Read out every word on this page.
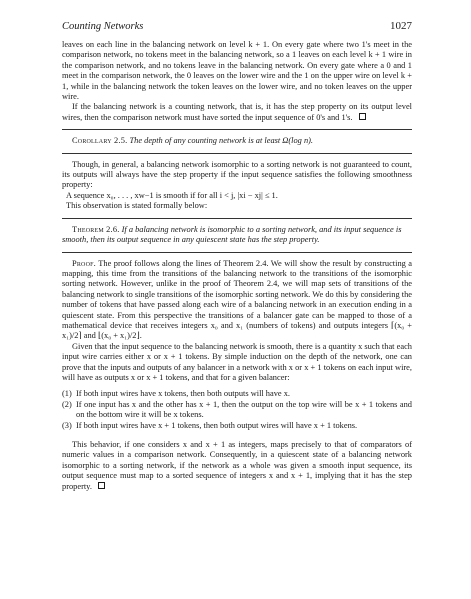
Counting Networks	1027

leaves on each line in the balancing network on level k + 1. On every gate where two 1's meet in the comparison network, no tokens meet in the balancing network, so a 1 leaves on each level k + 1 wire in the comparison network, and no tokens leave in the balancing network. On every gate where a 0 and 1 meet in the comparison network, the 0 leaves on the lower wire and the 1 on the upper wire on level k + 1, while in the balancing network the token leaves on the lower wire, and no token leaves on the upper wire.

If the balancing network is a counting network, that is, it has the step property on its output level wires, then the comparison network must have sorted the input sequence of 0's and 1's.

Corollary 2.5. The depth of any counting network is at least Ω(log n).

Though, in general, a balancing network isomorphic to a sorting network is not guaranteed to count, its outputs will always have the step property if the input sequence satisfies the following smoothness property:

A sequence x₀, . . . , xw−1 is smooth if for all i < j, |xi − xj| ≤ 1.

This observation is stated formally below:

Theorem 2.6. If a balancing network is isomorphic to a sorting network, and its input sequence is smooth, then its output sequence in any quiescent state has the step property.

Proof. The proof follows along the lines of Theorem 2.4. We will show the result by constructing a mapping, this time from the transitions of the balancing network to the transitions of the isomorphic sorting network. However, unlike in the proof of Theorem 2.4, we will map sets of transitions of the balancing network to single transitions of the isomorphic sorting network. We do this by considering the number of tokens that have passed along each wire of a balancing network in an execution ending in a quiescent state. From this perspective the transitions of a balancer gate can be mapped to those of a mathematical device that receives integers x₀ and x₁ (numbers of tokens) and outputs integers ⌈(x₀ + x₁)/2⌉ and ⌊(x₀ + x₁)/2⌋.

Given that the input sequence to the balancing network is smooth, there is a quantity x such that each input wire carries either x or x + 1 tokens. By simple induction on the depth of the network, one can prove that the inputs and outputs of any balancer in a network with x or x + 1 tokens on each input wire, will have as outputs x or x + 1 tokens, and that for a given balancer:

(1) If both input wires have x tokens, then both outputs will have x.
(2) If one input has x and the other has x + 1, then the output on the top wire will be x + 1 tokens and on the bottom wire it will be x tokens.
(3) If both input wires have x + 1 tokens, then both output wires will have x + 1 tokens.

This behavior, if one considers x and x + 1 as integers, maps precisely to that of comparators of numeric values in a comparison network. Consequently, in a quiescent state of a balancing network isomorphic to a sorting network, if the network as a whole was given a smooth input sequence, its output sequence must map to a sorted sequence of integers x and x + 1, implying that it has the step property.
